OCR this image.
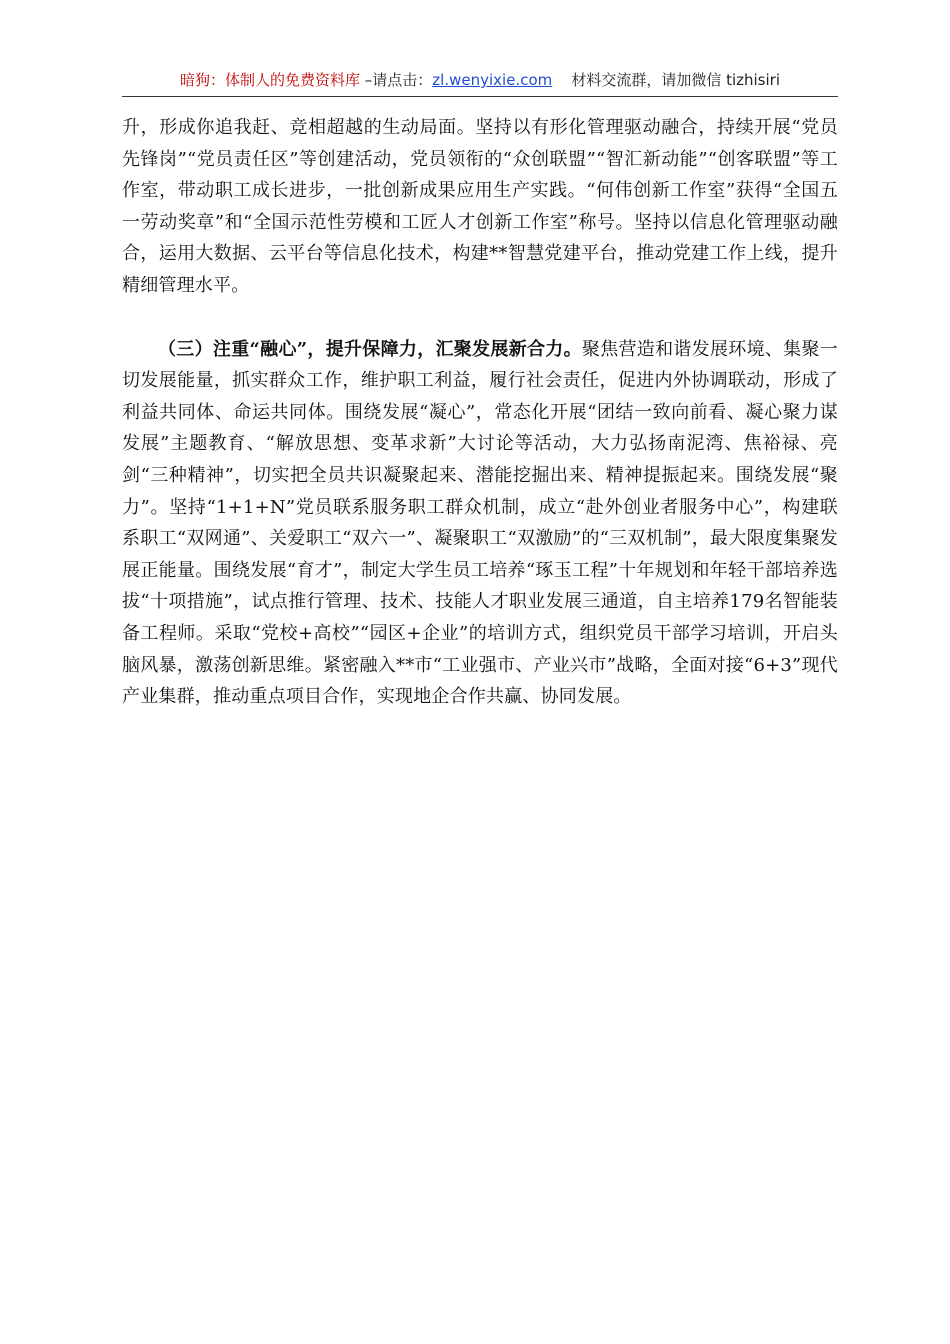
暗狗：体制人的免费资料库 –请点击：zl.wenyixie.com 材料交流群，请加微信 tizhisiri

升，形成你追我赶、竞相超越的生动局面。坚持以有形化管理驱动融合，持续开展“党员先锋岗”“党员责任区”等创建活动，党员领衔的“众创联盟”“智汇新动能”“创客联盟”等工作室，带动职工成长进步，一批创新成果应用生产实践。“何伟创新工作室”获得“全国五一劳动奖章”和“全国示范性劳模和工匠人才创新工作室”称号。坚持以信息化管理驱动融合，运用大数据、云平台等信息化技术，构建**智慧党建平台，推动党建工作上线，提升精细管理水平。

（三）注重“融心”，提升保障力，汇聚发展新合力。聚焦营造和谐发展环境、集聚一切发展能量，抓实群众工作，维护职工利益，履行社会责任，促进内外协调联动，形成了利益共同体、命运共同体。围绕发展“凝心”，常态化开展“团结一致向前看、凝心聚力谋发展”主题教育、“解放思想、变革求新”大讨论等活动，大力弘扬南泥湾、焦裕禄、亮剑“三种精神”，切实把全员共识凝聚起来、潜能挖掘出来、精神提振起来。围绕发展“聚力”。坚持“1+1+N”党员联系服务职工群众机制，成立“赴外创业者服务中心”，构建联系职工“双网通”、关爱职工“双六一”、凝聚职工“双激励”的“三双机制”，最大限度集聚发展正能量。围绕发展“育才”，制定大学生员工培养“琢玉工程”十年规划和年轻干部培养选拔“十项措施”，试点推行管理、技术、技能人才职业发展三通道，自主培养179名智能装备工程师。采取“党校+高校”“园区+企业”的培训方式，组织党员干部学习培训，开启头脑风暴，激荡创新思维。紧密融入**市“工业强市、产业兴市”战略，全面对接“6+3”现代产业集群，推动重点项目合作，实现地企合作共赢、协同发展。
